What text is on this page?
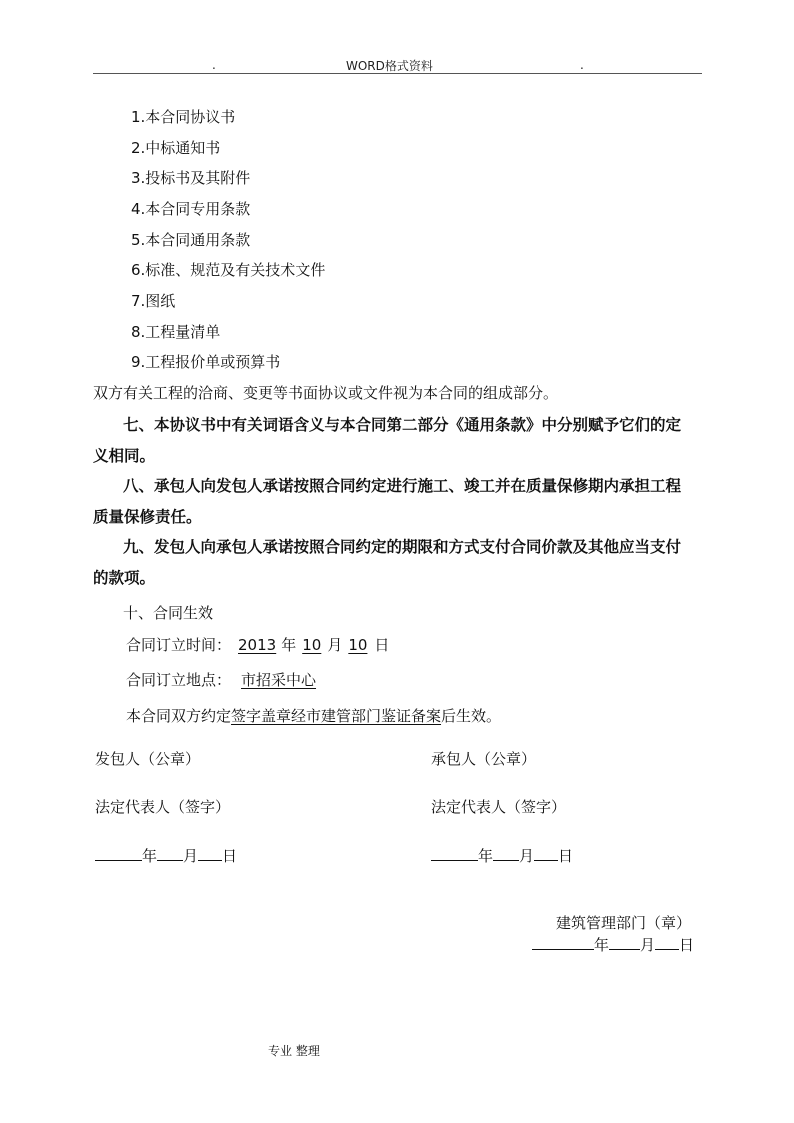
.	WORD格式资料	.
1.本合同协议书
2.中标通知书
3.投标书及其附件
4.本合同专用条款
5.本合同通用条款
6.标准、规范及有关技术文件
7.图纸
8.工程量清单
9.工程报价单或预算书
双方有关工程的洽商、变更等书面协议或文件视为本合同的组成部分。
七、本协议书中有关词语含义与本合同第二部分《通用条款》中分别赋予它们的定
义相同。
八、承包人向发包人承诺按照合同约定进行施工、竣工并在质量保修期内承担工程
质量保修责任。
九、发包人向承包人承诺按照合同约定的期限和方式支付合同价款及其他应当支付
的款项。
十、合同生效
合同订立时间： 2013 年 10 月 10 日
合同订立地点： 市招采中心
本合同双方约定签字盖章经市建管部门鉴证备案后生效。
发包人（公章）
法定代表人（签字）
年 月 日
承包人（公章）
法定代表人（签字）
年 月 日
建筑管理部门（章）
年 月 日
专业 整理
